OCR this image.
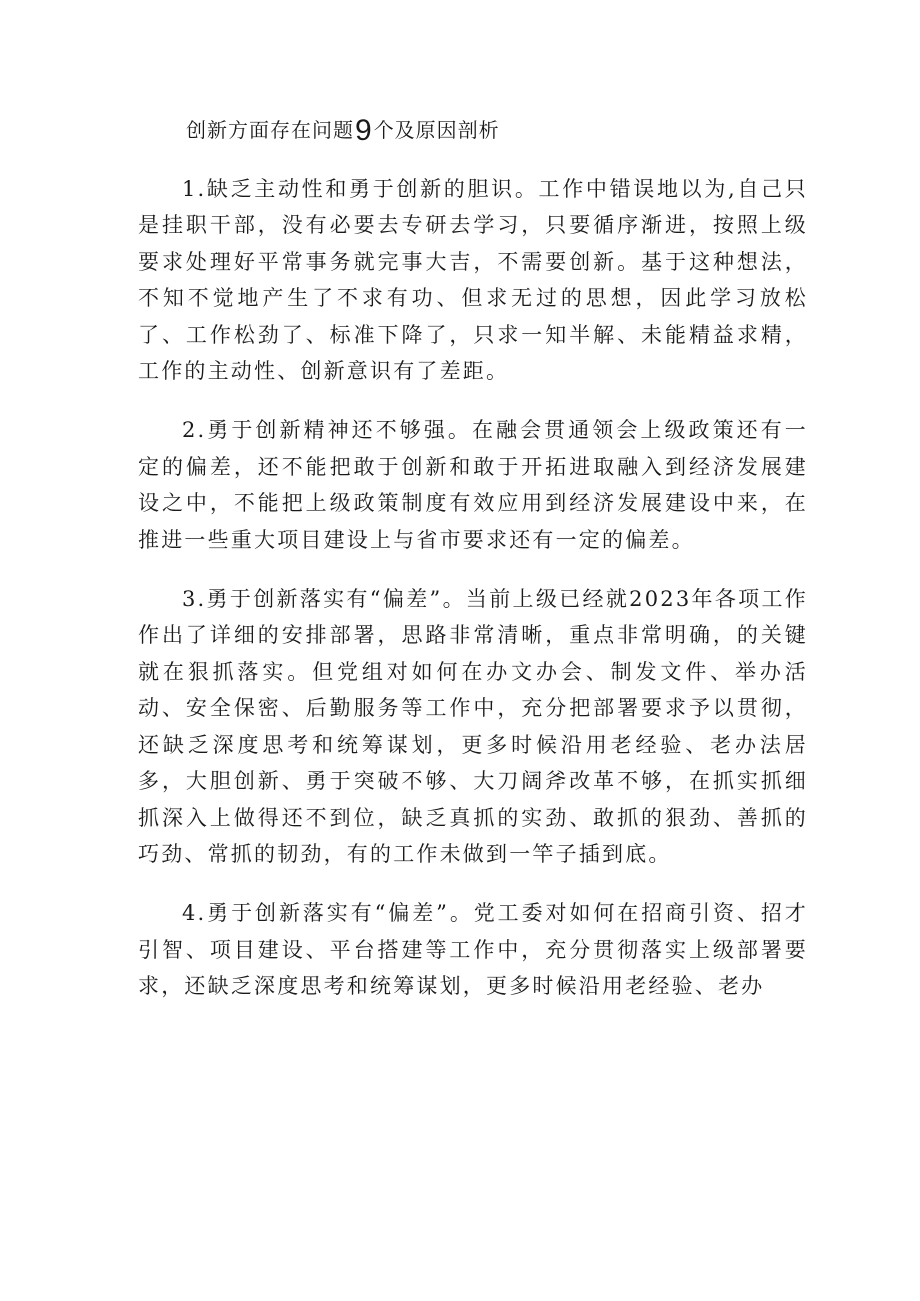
创新方面存在问题9个及原因剖析

1.缺乏主动性和勇于创新的胆识。工作中错误地以为,自己只是挂职干部，没有必要去专研去学习，只要循序渐进，按照上级要求处理好平常事务就完事大吉，不需要创新。基于这种想法，不知不觉地产生了不求有功、但求无过的思想，因此学习放松了、工作松劲了、标准下降了，只求一知半解、未能精益求精，工作的主动性、创新意识有了差距。

2.勇于创新精神还不够强。在融会贯通领会上级政策还有一定的偏差，还不能把敢于创新和敢于开拓进取融入到经济发展建设之中，不能把上级政策制度有效应用到经济发展建设中来，在推进一些重大项目建设上与省市要求还有一定的偏差。

3.勇于创新落实有“偏差”。当前上级已经就2023年各项工作作出了详细的安排部署，思路非常清晰，重点非常明确，的关键就在狠抓落实。但党组对如何在办文办会、制发文件、举办活动、安全保密、后勤服务等工作中，充分把部署要求予以贯彻，还缺乏深度思考和统筹谋划，更多时候沿用老经验、老办法居多，大胆创新、勇于突破不够、大刀阔斧改革不够，在抓实抓细抓深入上做得还不到位，缺乏真抓的实劲、敢抓的狠劲、善抓的巧劲、常抓的韧劲，有的工作未做到一竿子插到底。

4.勇于创新落实有“偏差”。党工委对如何在招商引资、招才引智、项目建设、平台搭建等工作中，充分贯彻落实上级部署要求，还缺乏深度思考和统筹谋划，更多时候沿用老经验、老办
